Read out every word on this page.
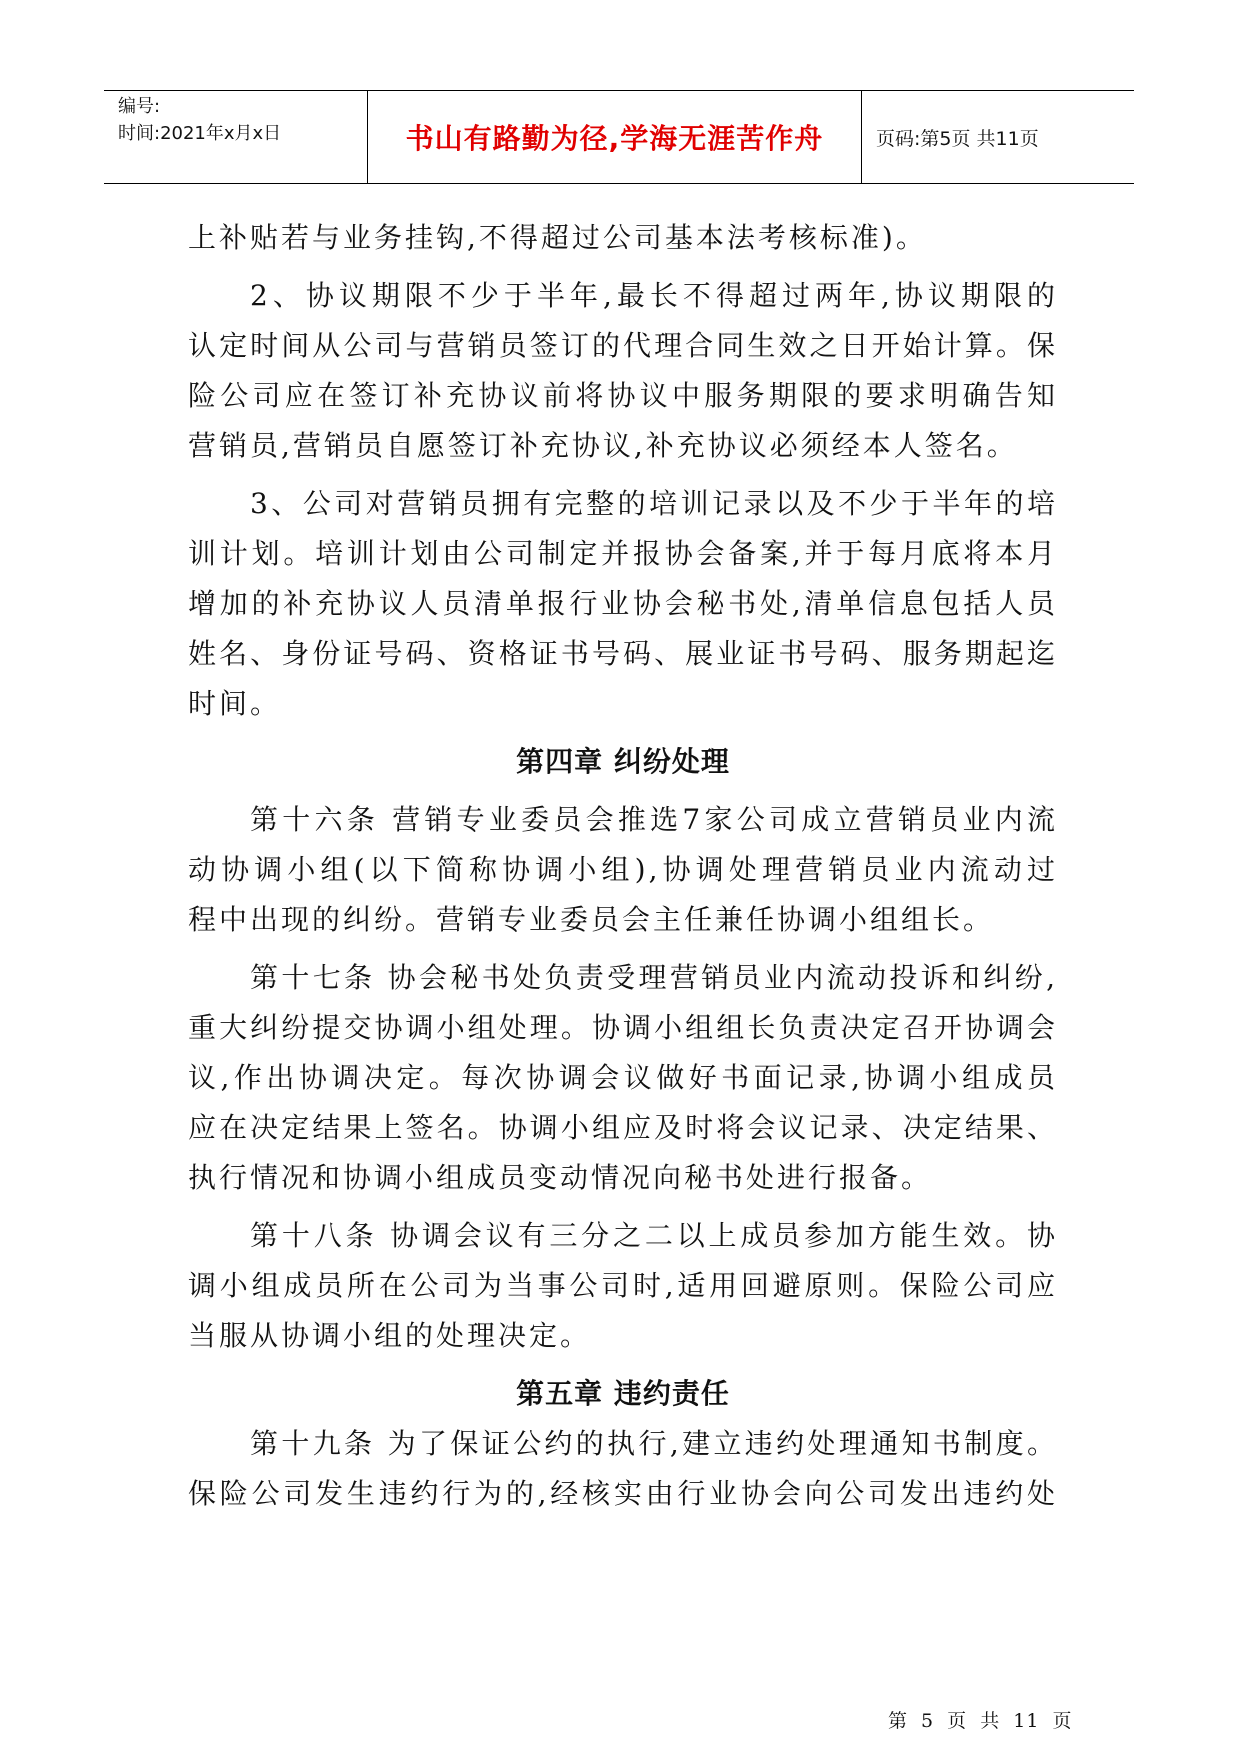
编号:
时间:2021年x月x日	书山有路勤为径,学海无涯苦作舟	页码:第5页 共11页
上补贴若与业务挂钩,不得超过公司基本法考核标准)。
2、协议期限不少于半年,最长不得超过两年,协议期限的
认定时间从公司与营销员签订的代理合同生效之日开始计算。保
险公司应在签订补充协议前将协议中服务期限的要求明确告知
营销员,营销员自愿签订补充协议,补充协议必须经本人签名。
3、公司对营销员拥有完整的培训记录以及不少于半年的培
训计划。培训计划由公司制定并报协会备案,并于每月底将本月
增加的补充协议人员清单报行业协会秘书处,清单信息包括人员
姓名、身份证号码、资格证书号码、展业证书号码、服务期起迄
时间。
第四章 纠纷处理
第十六条 营销专业委员会推选7家公司成立营销员业内流
动协调小组(以下简称协调小组),协调处理营销员业内流动过
程中出现的纠纷。营销专业委员会主任兼任协调小组组长。
第十七条 协会秘书处负责受理营销员业内流动投诉和纠纷,
重大纠纷提交协调小组处理。协调小组组长负责决定召开协调会
议,作出协调决定。每次协调会议做好书面记录,协调小组成员
应在决定结果上签名。协调小组应及时将会议记录、决定结果、
执行情况和协调小组成员变动情况向秘书处进行报备。
第十八条 协调会议有三分之二以上成员参加方能生效。协
调小组成员所在公司为当事公司时,适用回避原则。保险公司应
当服从协调小组的处理决定。
第五章 违约责任
第十九条 为了保证公约的执行,建立违约处理通知书制度。
保险公司发生违约行为的,经核实由行业协会向公司发出违约处
第 5 页 共 11 页
